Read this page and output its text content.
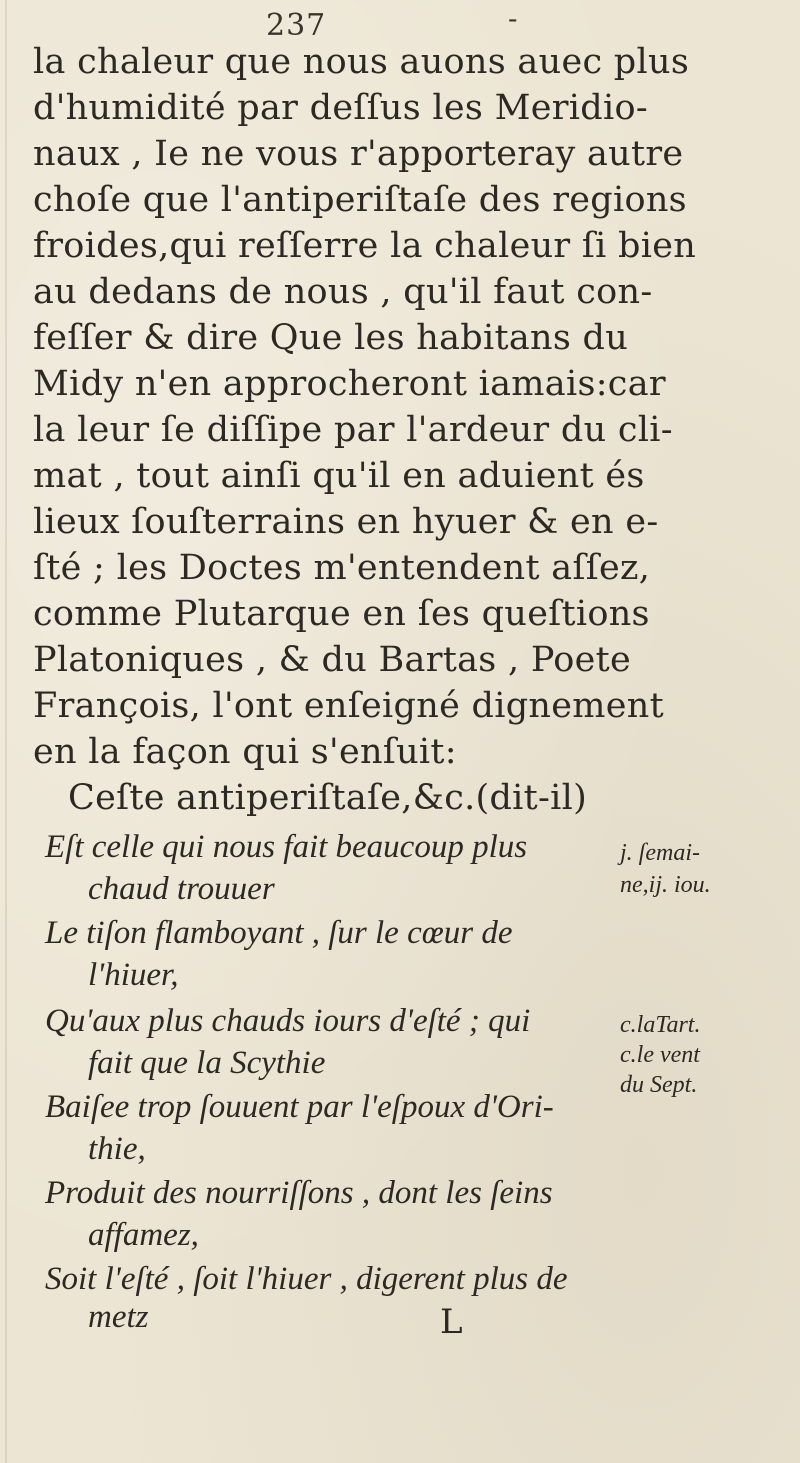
237	-
la chaleur que nous auons auec plus
d'humidité par deſſus les Meridio-
naux , Ie ne vous r'apporteray autre
choſe que l'antiperiſtaſe des regions
froides,qui reſſerre la chaleur ſi bien
au dedans de nous , qu'il faut con-
feſſer & dire Que les habitans du
Midy n'en approcheront iamais:car
la leur ſe diſſipe par l'ardeur du cli-
mat , tout ainſi qu'il en aduient és
lieux ſouſterrains en hyuer & en e-
ſté ; les Doctes m'entendent aſſez,
comme Plutarque en ſes queſtions
Platoniques , & du Bartas , Poete
François, l'ont enſeigné dignement
en la façon qui s'enſuit:
Ceſte antiperiſtaſe,&c.(dit-il)
Eſt celle qui nous fait beaucoup plus
chaud trouuer
Le tiſon flamboyant , ſur le cœur de
l'hiuer,
Qu'aux plus chauds iours d'eſté ; qui
fait que la Scythie
Baiſee trop ſouuent par l'eſpoux d'Ori-
thie,
Produit des nourriſſons , dont les ſeins
affamez,
Soit l'eſté , ſoit l'hiuer , digerent plus de
metz
j. ſemai-
ne,ij. iou.
c.laTart.
c.le vent
du Sept.
L
